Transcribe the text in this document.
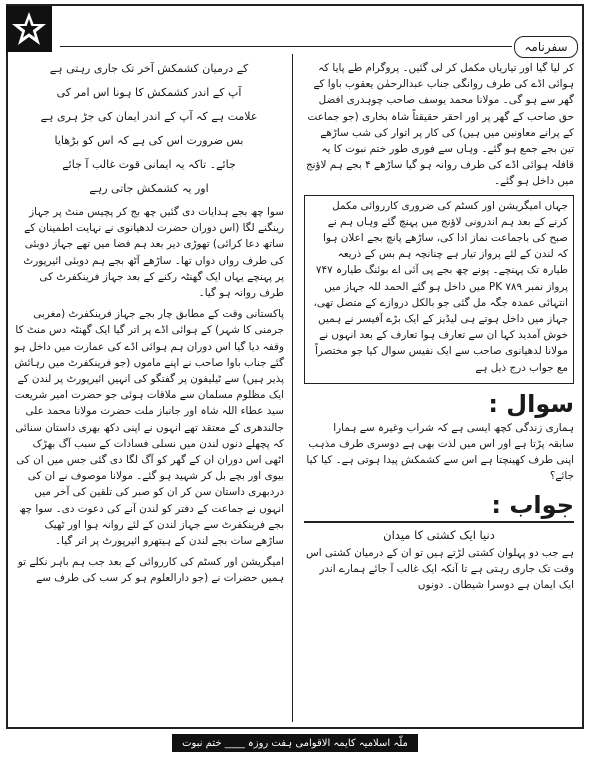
سفرنامہ

کر لیا گیا اور تیاریاں مکمل کر لی گئیں۔ پروگرام طے پایا کہ ہوائی اڈے کی طرف روانگی جناب عبدالرحمٰن یعقوب باوا کے گھر سے ہو گی۔ مولانا محمد یوسف صاحب چوہدری افضل حق صاحب کے گھر پر اور احقر حقیقتاً شاہ بخاری (جو جماعت کے پرانے معاونین میں ہیں) کی کار پر اتوار کی شب ساڑھے تین بجے جمع ہو گئے۔ وہاں سے فوری طور ختم نبوت کا یہ قافلہ ہوائی اڈے کی طرف روانہ ہو گیا ساڑھے ۴ بجے ہم لاؤنج میں داخل ہو گئے۔

جہاں امیگریشن اور کسٹم کی ضروری کارروائی مکمل کرنے کے بعد ہم اندرونی لاؤنج میں پہنچ گئے وہاں ہم نے صبح کی باجماعت نماز ادا کی، ساڑھے پانچ بجے اعلان ہوا کہ لندن کے لئے پرواز تیار ہے چنانچہ ہم بس کے ذریعہ طیارہ تک پہنچے۔ پونے چھ بجے پی آئی اے بوئنگ طیارہ ۷۴۷ پرواز نمبر ۷۸۹ PK میں داخل ہو گئے الحمد للہ جہاز میں انتہائی عمدہ جگہ مل گئی جو بالکل دروازے کے متصل تھی، جہاز میں داخل ہوتے ہی لیڈیز کے ایک بڑے آفیسر نے ہمیں خوش آمدید کہا ان سے تعارف ہوا تعارف کے بعد انہوں نے مولانا لدھیانوی صاحب سے ایک نفیس سوال کیا جو مختصراً مع جواب درج ذیل ہے

سوال :

ہماری زندگی کچھ ایسی ہے کہ شراب وغیرہ سے ہمارا سابقہ پڑتا ہے اور اس میں لذت بھی ہے دوسری طرف مذہب اپنی طرف کھینچتا ہے اس سے کشمکش پیدا ہوتی ہے۔ کیا کیا جائے؟

جواب :

دنیا ایک کشتی کا میدان

ہے جب دو پہلوان کشتی لڑتے ہیں تو ان کے درمیان کشتی اس وقت تک جاری رہتی ہے تا آنکہ ایک غالب آ جائے ہمارے اندر ایک ایمان ہے دوسرا شیطان۔ دونوں

کے درمیان کشمکش آخر تک جاری رہتی ہے

آپ کے اندر کشمکش کا ہونا اس امر کی

علامت ہے کہ آپ کے اندر ایمان کی جڑ ہری ہے

بس ضرورت اس کی ہے کہ اس کو بڑھایا

جائے۔ تاکہ یہ ایمانی قوت غالب آ جائے

اور یہ کشمکش جاتی رہے

سوا چھ بجے ہدایات دی گئیں چھ بج کر پچیس منٹ پر جہاز رینگنے لگا (اس دوران حضرت لدھیانوی نے نہایت اطمینان کے ساتھ دعا کرائی) تھوڑی دیر بعد ہم فضا میں تھے جہاز دوبئی کی طرف رواں دواں تھا۔ ساڑھے آٹھ بجے ہم دوبئی ائیرپورٹ پر پہنچے یہاں ایک گھنٹہ رکنے کے بعد جہاز فرینکفرٹ کی طرف روانہ ہو گیا۔

پاکستانی وقت کے مطابق چار بجے جہاز فرینکفرٹ (مغربی جرمنی کا شہر) کے ہوائی اڈے پر اتر گیا ایک گھنٹہ دس منٹ کا وقفہ دیا گیا اس دوران ہم ہوائی اڈے کی عمارت میں داخل ہو گئے جناب باوا صاحب نے اپنے ماموں (جو فرینکفرٹ میں رہائش پذیر ہیں) سے ٹیلیفون پر گفتگو کی انہیں ائیرپورٹ پر لندن کے ایک مظلوم مسلمان سے ملاقات ہوئی جو حضرت امیر شریعت سید عطاء اللہ شاہ اور جانباز ملت حضرت مولانا محمد علی جالندھری کے معتقد تھے انہوں نے اپنی دکھ بھری داستان سنائی کہ پچھلے دنوں لندن میں نسلی فسادات کے سبب آگ بھڑک اٹھی اس دوران ان کے گھر کو آگ لگا دی گئی جس میں ان کی بیوی اور بچے بل کر شہید ہو گئے۔ مولانا موصوف نے ان کی دردبھری داستان سن کر ان کو صبر کی تلقین کی آخر میں انہوں نے جماعت کے دفتر کو لندن آنے کی دعوت دی۔ سوا چھ بجے فرینکفرٹ سے جہاز لندن کے لئے روانہ ہوا اور ٹھیک ساڑھے سات بجے لندن کے ہیتھرو ائیرپورٹ پر اتر گیا۔

امیگریشن اور کسٹم کی کارروائی کے بعد جب ہم باہر نکلے تو ہمیں حضرات نے (جو دارالعلوم ہو کر سب کی طرف سے

ملّہ اسلامیہ کایمہ الاقوامی ہفت روزہ ____ ختم نبوت
